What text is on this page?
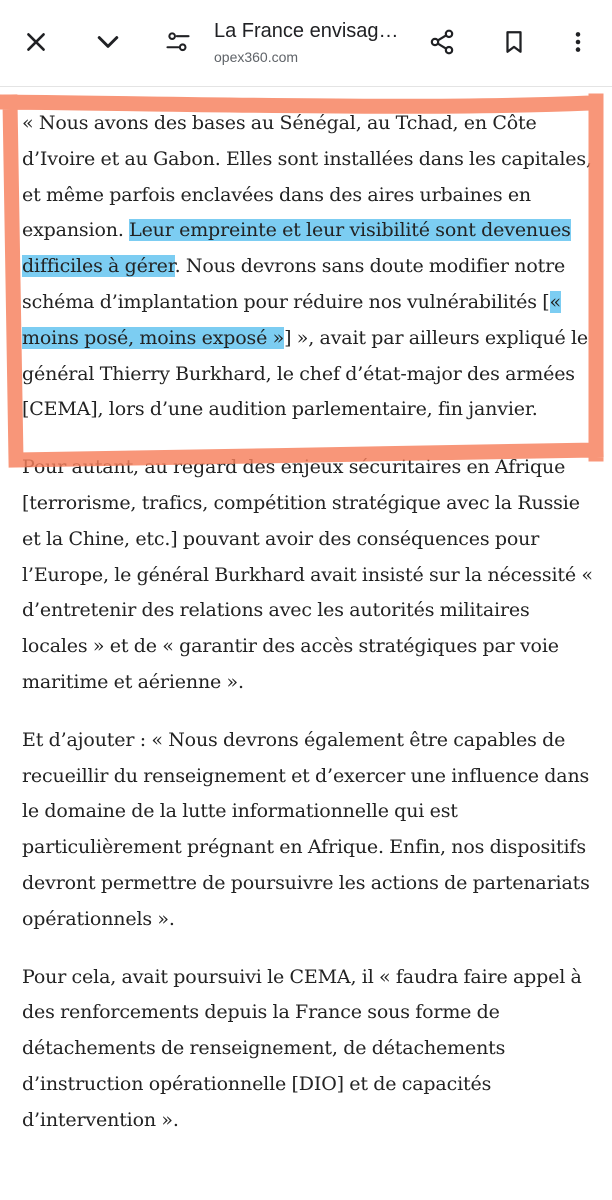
La France envisag…
opex360.com

« Nous avons des bases au Sénégal, au Tchad, en Côte d’Ivoire et au Gabon. Elles sont installées dans les capitales, et même parfois enclavées dans des aires urbaines en expansion. Leur empreinte et leur visibilité sont devenues difficiles à gérer. Nous devrons sans doute modifier notre schéma d’implantation pour réduire nos vulnérabilités [« moins posé, moins exposé »] », avait par ailleurs expliqué le général Thierry Burkhard, le chef d’état-major des armées [CEMA], lors d’une audition parlementaire, fin janvier.

Pour autant, au regard des enjeux sécuritaires en Afrique [terrorisme, trafics, compétition stratégique avec la Russie et la Chine, etc.] pouvant avoir des conséquences pour l’Europe, le général Burkhard avait insisté sur la nécessité « d’entretenir des relations avec les autorités militaires locales » et de « garantir des accès stratégiques par voie maritime et aérienne ».

Et d’ajouter : « Nous devrons également être capables de recueillir du renseignement et d’exercer une influence dans le domaine de la lutte informationnelle qui est particulièrement prégnant en Afrique. Enfin, nos dispositifs devront permettre de poursuivre les actions de partenariats opérationnels ».

Pour cela, avait poursuivi le CEMA, il « faudra faire appel à des renforcements depuis la France sous forme de détachements de renseignement, de détachements d’instruction opérationnelle [DIO] et de capacités d’intervention ».
